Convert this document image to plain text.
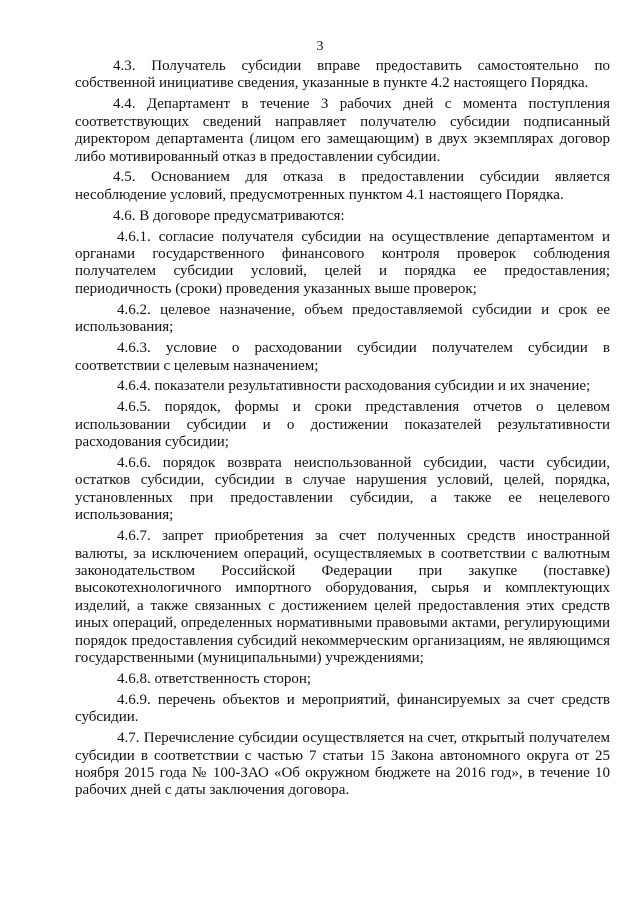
3

4.3. Получатель субсидии вправе предоставить самостоятельно по собственной инициативе сведения, указанные в пункте 4.2 настоящего Порядка.

4.4. Департамент в течение 3 рабочих дней с момента поступления соответствующих сведений направляет получателю субсидии подписанный директором департамента (лицом его замещающим) в двух экземплярах договор либо мотивированный отказ в предоставлении субсидии.

4.5. Основанием для отказа в предоставлении субсидии является несоблюдение условий, предусмотренных пунктом 4.1 настоящего Порядка.

4.6. В договоре предусматриваются:

4.6.1. согласие получателя субсидии на осуществление департаментом и органами государственного финансового контроля проверок соблюдения получателем субсидии условий, целей и порядка ее предоставления; периодичность (сроки) проведения указанных выше проверок;

4.6.2. целевое назначение, объем предоставляемой субсидии и срок ее использования;

4.6.3. условие о расходовании субсидии получателем субсидии в соответствии с целевым назначением;

4.6.4. показатели результативности расходования субсидии и их значение;

4.6.5. порядок, формы и сроки представления отчетов о целевом использовании субсидии и о достижении показателей результативности расходования субсидии;

4.6.6. порядок возврата неиспользованной субсидии, части субсидии, остатков субсидии, субсидии в случае нарушения условий, целей, порядка, установленных при предоставлении субсидии, а также ее нецелевого использования;

4.6.7. запрет приобретения за счет полученных средств иностранной валюты, за исключением операций, осуществляемых в соответствии с валютным законодательством Российской Федерации при закупке (поставке) высокотехнологичного импортного оборудования, сырья и комплектующих изделий, а также связанных с достижением целей предоставления этих средств иных операций, определенных нормативными правовыми актами, регулирующими порядок предоставления субсидий некоммерческим организациям, не являющимся государственными (муниципальными) учреждениями;

4.6.8. ответственность сторон;

4.6.9. перечень объектов и мероприятий, финансируемых за счет средств субсидии.

4.7. Перечисление субсидии осуществляется на счет, открытый получателем субсидии в соответствии с частью 7 статьи 15 Закона автономного округа от 25 ноября 2015 года № 100-ЗАО «Об окружном бюджете на 2016 год», в течение 10 рабочих дней с даты заключения договора.
